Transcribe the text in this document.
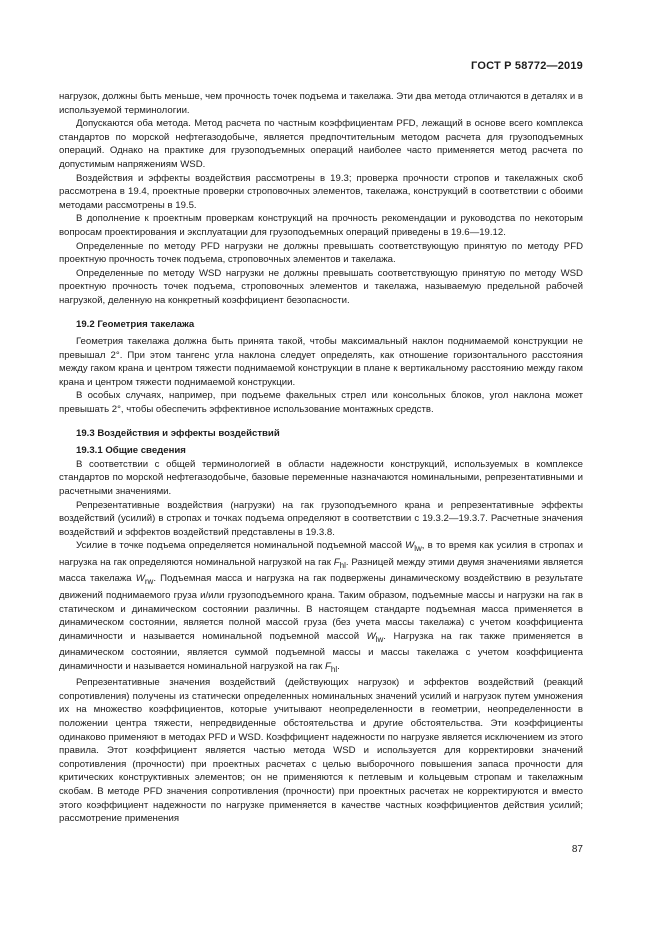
ГОСТ Р 58772—2019

нагрузок, должны быть меньше, чем прочность точек подъема и такелажа. Эти два метода отличаются в деталях и в используемой терминологии.

Допускаются оба метода. Метод расчета по частным коэффициентам PFD, лежащий в основе всего комплекса стандартов по морской нефтегазодобыче, является предпочтительным методом расчета для грузоподъемных операций. Однако на практике для грузоподъемных операций наиболее часто применяется метод расчета по допустимым напряжениям WSD.

Воздействия и эффекты воздействия рассмотрены в 19.3; проверка прочности стропов и такелажных скоб рассмотрена в 19.4, проектные проверки строповочных элементов, такелажа, конструкций в соответствии с обоими методами рассмотрены в 19.5.

В дополнение к проектным проверкам конструкций на прочность рекомендации и руководства по некоторым вопросам проектирования и эксплуатации для грузоподъемных операций приведены в 19.6—19.12.

Определенные по методу PFD нагрузки не должны превышать соответствующую принятую по методу PFD проектную прочность точек подъема, строповочных элементов и такелажа.

Определенные по методу WSD нагрузки не должны превышать соответствующую принятую по методу WSD проектную прочность точек подъема, строповочных элементов и такелажа, называемую предельной рабочей нагрузкой, деленную на конкретный коэффициент безопасности.

19.2 Геометрия такелажа

Геометрия такелажа должна быть принята такой, чтобы максимальный наклон поднимаемой конструкции не превышал 2°. При этом тангенс угла наклона следует определять, как отношение горизонтального расстояния между гаком крана и центром тяжести поднимаемой конструкции в плане к вертикальному расстоянию между гаком крана и центром тяжести поднимаемой конструкции.

В особых случаях, например, при подъеме факельных стрел или консольных блоков, угол наклона может превышать 2°, чтобы обеспечить эффективное использование монтажных средств.

19.3 Воздействия и эффекты воздействий

19.3.1 Общие сведения

В соответствии с общей терминологией в области надежности конструкций, используемых в комплексе стандартов по морской нефтегазодобыче, базовые переменные назначаются номинальными, репрезентативными и расчетными значениями.

Репрезентативные воздействия (нагрузки) на гак грузоподъемного крана и репрезентативные эффекты воздействий (усилий) в стропах и точках подъема определяют в соответствии с 19.3.2—19.3.7. Расчетные значения воздействий и эффектов воздействий представлены в 19.3.8.

Усилие в точке подъема определяется номинальной подъемной массой $W_{lw}$, в то время как усилия в стропах и нагрузка на гак определяются номинальной нагрузкой на гак $F_{hl}$. Разницей между этими двумя значениями является масса такелажа $W_{rw}$. Подъемная масса и нагрузка на гак подвержены динамическому воздействию в результате движений поднимаемого груза и/или грузоподъемного крана. Таким образом, подъемные массы и нагрузки на гак в статическом и динамическом состоянии различны. В настоящем стандарте подъемная масса применяется в динамическом состоянии, является полной массой груза (без учета массы такелажа) с учетом коэффициента динамичности и называется номинальной подъемной массой $W_{lw}$. Нагрузка на гак также применяется в динамическом состоянии, является суммой подъемной массы и массы такелажа с учетом коэффициента динамичности и называется номинальной нагрузкой на гак $F_{hl}$.

Репрезентативные значения воздействий (действующих нагрузок) и эффектов воздействий (реакций сопротивления) получены из статически определенных номинальных значений усилий и нагрузок путем умножения их на множество коэффициентов, которые учитывают неопределенности в геометрии, неопределенности в положении центра тяжести, непредвиденные обстоятельства и другие обстоятельства. Эти коэффициенты одинаково применяют в методах PFD и WSD. Коэффициент надежности по нагрузке является исключением из этого правила. Этот коэффициент является частью метода WSD и используется для корректировки значений сопротивления (прочности) при проектных расчетах с целью выборочного повышения запаса прочности для критических конструктивных элементов; он не применяются к петлевым и кольцевым стропам и такелажным скобам. В методе PFD значения сопротивления (прочности) при проектных расчетах не корректируются и вместо этого коэффициент надежности по нагрузке применяется в качестве частных коэффициентов действия усилий; рассмотрение применения

87
